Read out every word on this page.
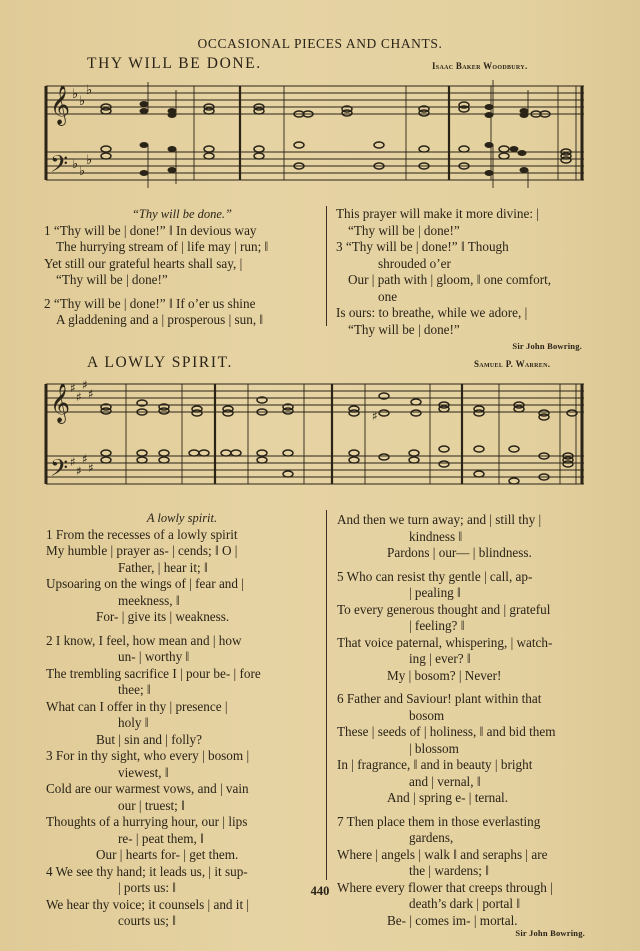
OCCASIONAL PIECES AND CHANTS.
THY WILL BE DONE.	Isaac Baker Woodbury.
𝄞
𝄢
♭ ♭
♭
♭ ♭
♭
“Thy will be done.”
1 “Thy will be | done!” ‖ In devious way
The hurrying stream of | life may | run; ‖
Yet still our grateful hearts shall say, |
“Thy will be | done!”
2 “Thy will be | done!” ‖ If o’er us shine
A gladdening and a | prosperous | sun, ‖
This prayer will make it more divine: |
“Thy will be | done!”
3 “Thy will be | done!” ‖ Though
shrouded o’er
Our | path with | gloom, ‖ one comfort,
one
Is ours: to breathe, while we adore, |
“Thy will be | done!”
Sir John Bowring.
A LOWLY SPIRIT.	Samuel P. Warren.
𝄞
𝄢
♯
♯
♯
♯
♯
♯
♯
♯
♯
A lowly spirit.
1 From the recesses of a lowly spirit
My humble | prayer as- | cends; ‖ O |
Father, | hear it; ‖
Upsoaring on the wings of | fear and |
meekness, ‖
For- | give its | weakness.
2 I know, I feel, how mean and | how
un- | worthy ‖
The trembling sacrifice I | pour be- | fore
thee; ‖
What can I offer in thy | presence |
holy ‖
But | sin and | folly?
3 For in thy sight, who every | bosom |
viewest, ‖
Cold are our warmest vows, and | vain
our | truest; ‖
Thoughts of a hurrying hour, our | lips
re- | peat them, ‖
Our | hearts for- | get them.
4 We see thy hand; it leads us, | it sup-
| ports us: ‖
We hear thy voice; it counsels | and it |
courts us; ‖
And then we turn away; and | still thy |
kindness ‖
Pardons | our— | blindness.
5 Who can resist thy gentle | call, ap-
| pealing ‖
To every generous thought and | grateful
| feeling? ‖
That voice paternal, whispering, | watch-
ing | ever? ‖
My | bosom? | Never!
6 Father and Saviour! plant within that
bosom
These | seeds of | holiness, ‖ and bid them
| blossom
In | fragrance, ‖ and in beauty | bright
and | vernal, ‖
And | spring e- | ternal.
7 Then place them in those everlasting
gardens,
Where | angels | walk ‖ and seraphs | are
the | wardens; ‖
Where every flower that creeps through |
death’s dark | portal ‖
Be- | comes im- | mortal.
Sir John Bowring.
440
